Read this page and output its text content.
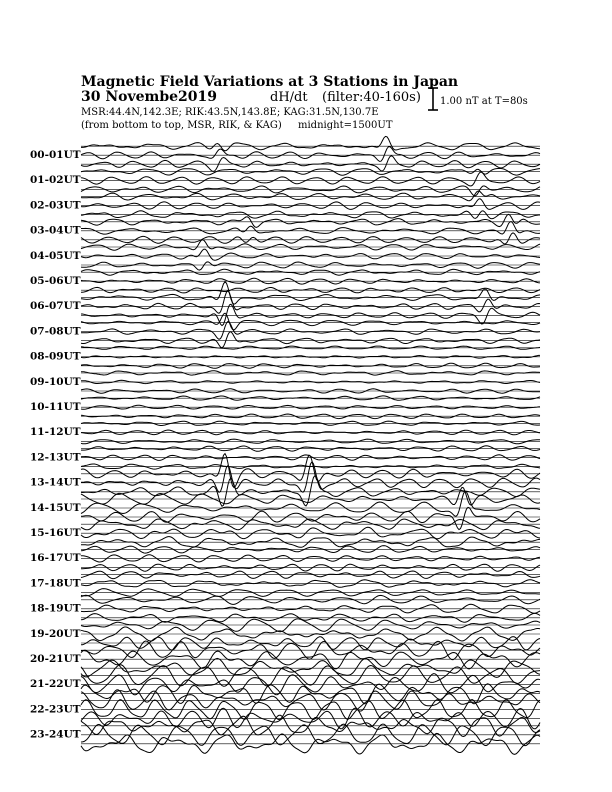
Magnetic Field Variations at 3 Stations in Japan
30 Novembe2019	dH/dt (filter:40-160s)
MSR:44.4N,142.3E; RIK:43.5N,143.8E; KAG:31.5N,130.7E
(from bottom to top, MSR, RIK, & KAG) midnight=1500UT
1.00 nT at T=80s
00-01UT
01-02UT
02-03UT
03-04UT
04-05UT
05-06UT
06-07UT
07-08UT
08-09UT
09-10UT
10-11UT
11-12UT
12-13UT
13-14UT
14-15UT
15-16UT
16-17UT
17-18UT
18-19UT
19-20UT
20-21UT
21-22UT
22-23UT
23-24UT
